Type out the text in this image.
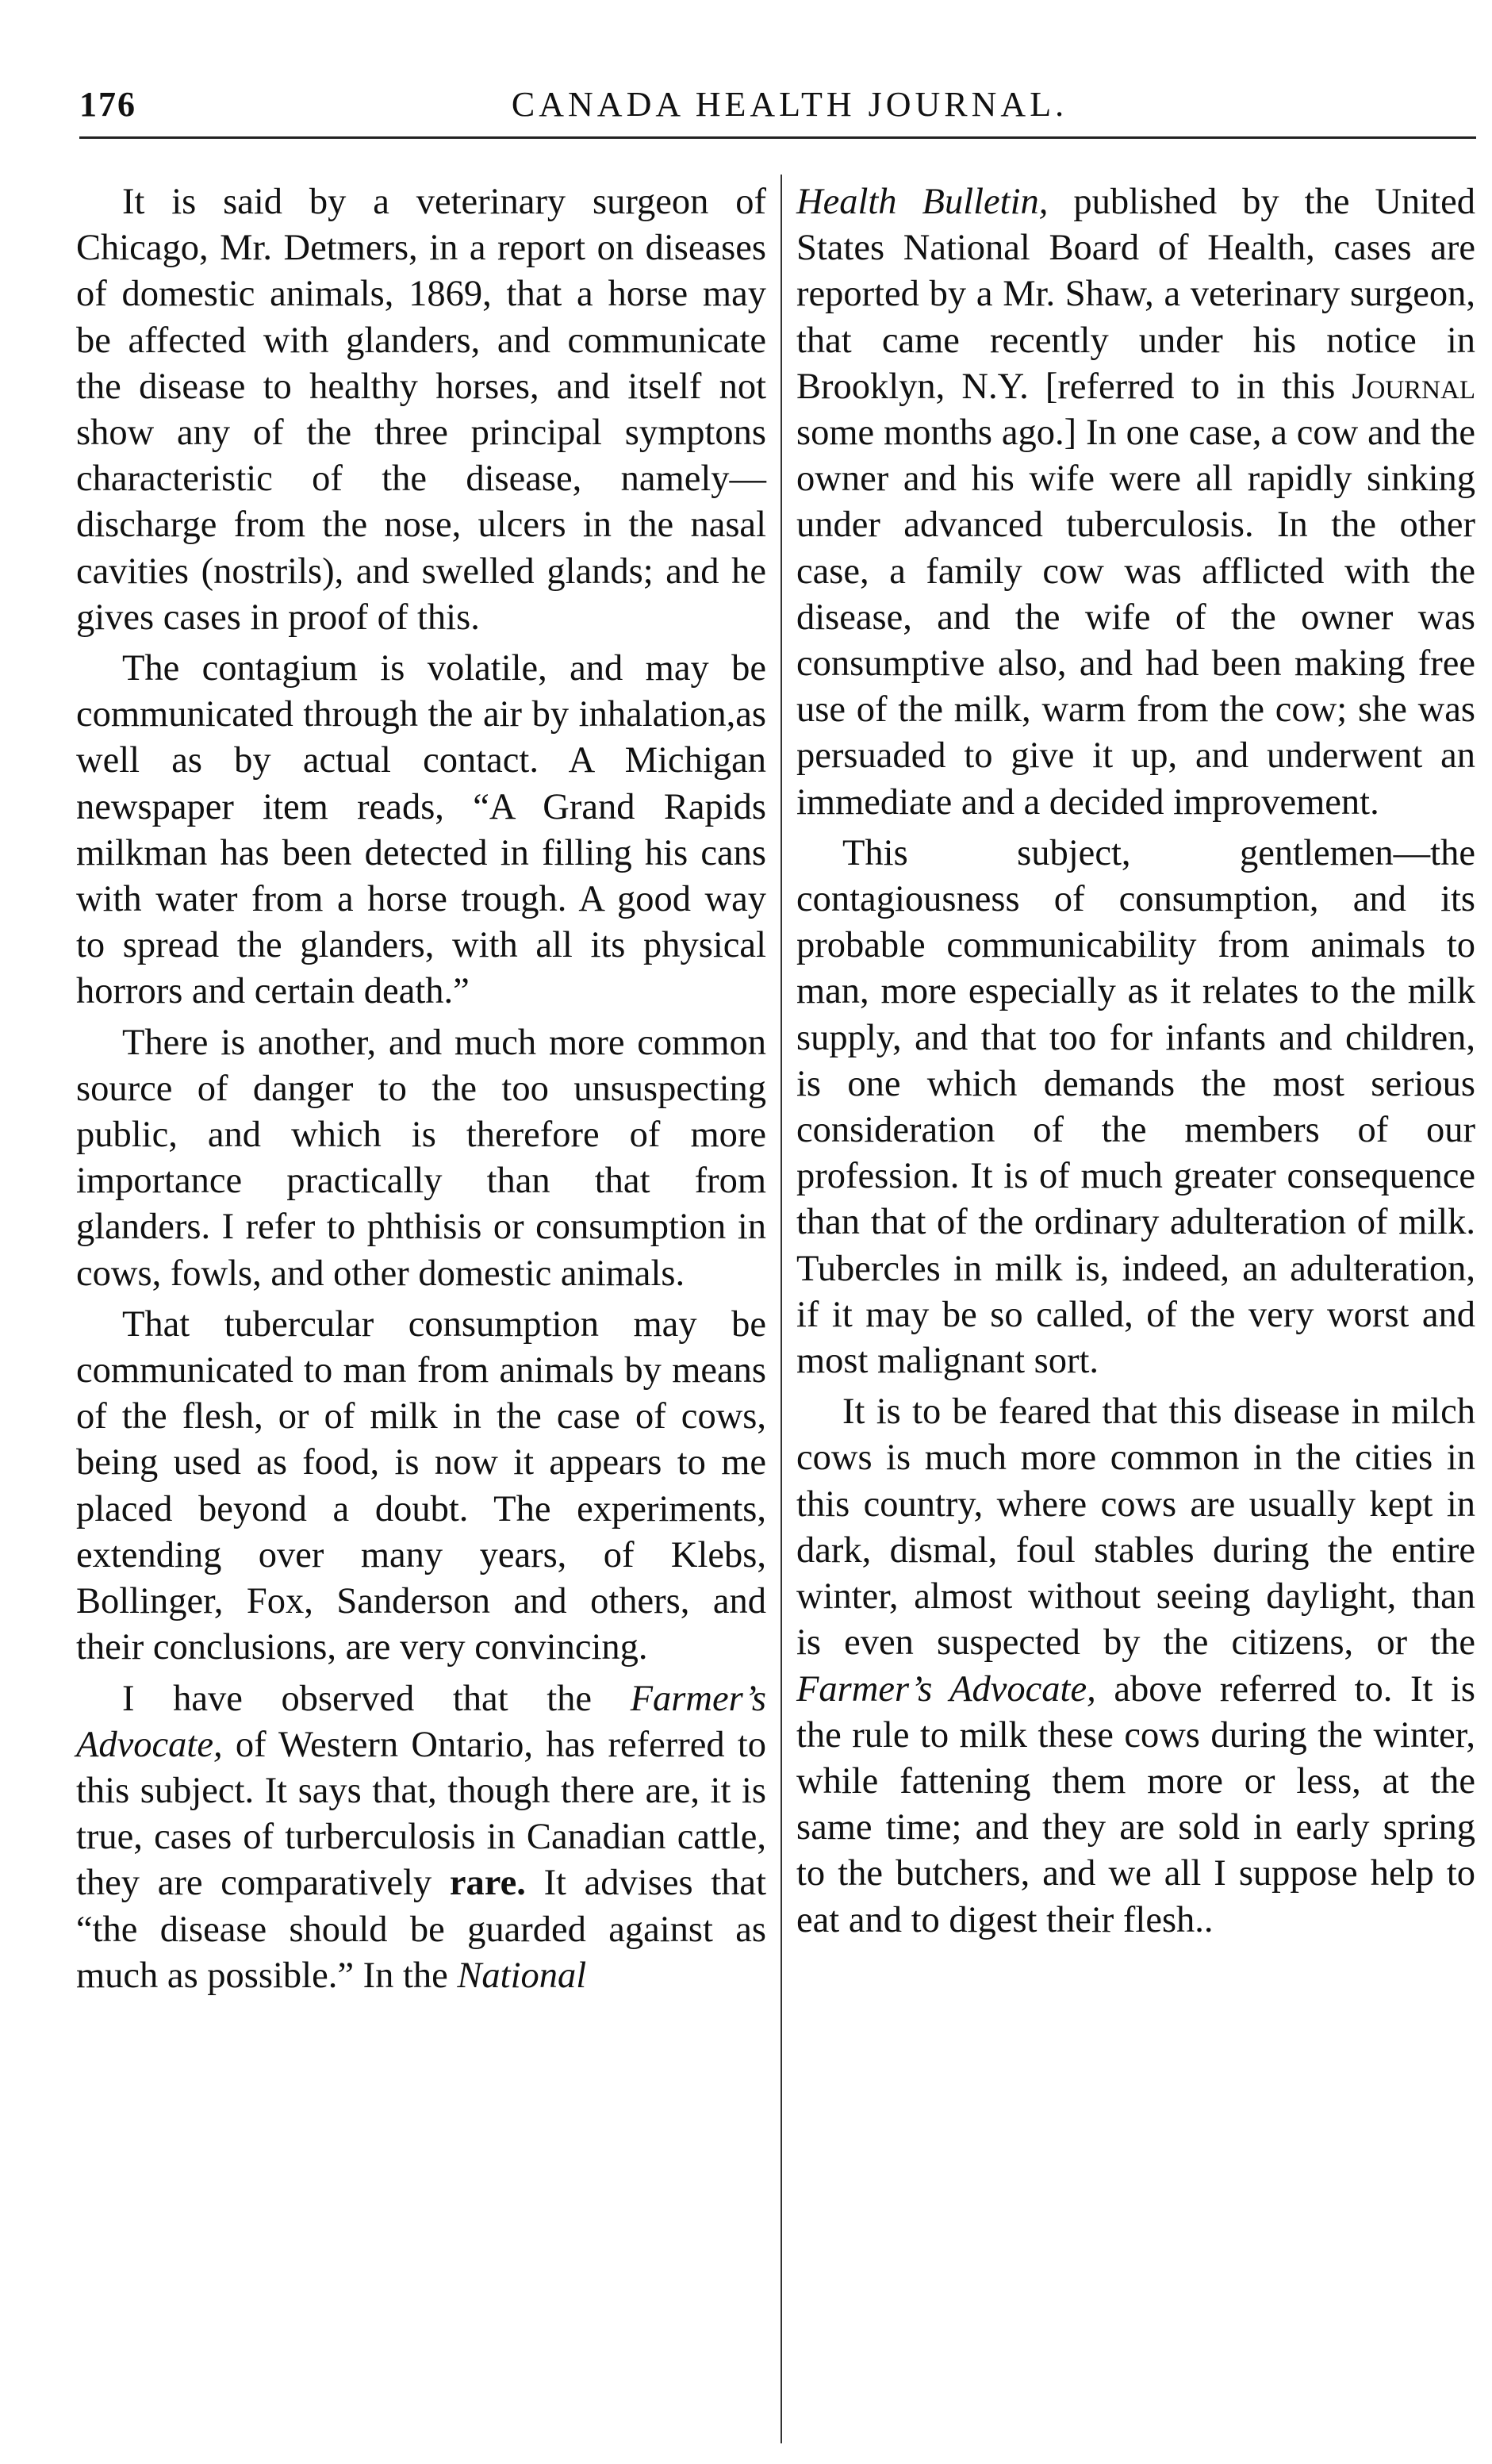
176	CANADA HEALTH JOURNAL.

It is said by a veterinary surgeon of Chicago, Mr. Detmers, in a report on diseases of domestic animals, 1869, that a horse may be affected with glanders, and communicate the disease to healthy horses, and itself not show any of the three principal symptons characteristic of the disease, namely—discharge from the nose, ulcers in the nasal cavities (nostrils), and swelled glands; and he gives cases in proof of this.

The contagium is volatile, and may be communicated through the air by inhalation,as well as by actual contact. A Michigan newspaper item reads, “A Grand Rapids milkman has been detected in filling his cans with water from a horse trough. A good way to spread the glanders, with all its physical horrors and certain death.”

There is another, and much more common source of danger to the too unsuspecting public, and which is therefore of more importance practically than that from glanders. I refer to phthisis or consumption in cows, fowls, and other domestic animals.

That tubercular consumption may be communicated to man from animals by means of the flesh, or of milk in the case of cows, being used as food, is now it appears to me placed beyond a doubt. The experiments, extending over many years, of Klebs, Bollinger, Fox, Sanderson and others, and their conclusions, are very convincing.

I have observed that the Farmer’s Advocate, of Western Ontario, has referred to this subject. It says that, though there are, it is true, cases of turberculosis in Canadian cattle, they are comparatively rare. It advises that “the disease should be guarded against as much as possible.” In the National

Health Bulletin, published by the United States National Board of Health, cases are reported by a Mr. Shaw, a veterinary surgeon, that came recently under his notice in Brooklyn, N.Y. [referred to in this Journal some months ago.] In one case, a cow and the owner and his wife were all rapidly sinking under advanced tuberculosis. In the other case, a family cow was afflicted with the disease, and the wife of the owner was consumptive also, and had been making free use of the milk, warm from the cow; she was persuaded to give it up, and underwent an immediate and a decided improvement.

This subject, gentlemen—the contagiousness of consumption, and its probable communicability from animals to man, more especially as it relates to the milk supply, and that too for infants and children, is one which demands the most serious consideration of the members of our profession. It is of much greater consequence than that of the ordinary adulteration of milk. Tubercles in milk is, indeed, an adulteration, if it may be so called, of the very worst and most malignant sort.

It is to be feared that this disease in milch cows is much more common in the cities in this country, where cows are usually kept in dark, dismal, foul stables during the entire winter, almost without seeing daylight, than is even suspected by the citizens, or the Farmer’s Advocate, above referred to. It is the rule to milk these cows during the winter, while fattening them more or less, at the same time; and they are sold in early spring to the butchers, and we all I suppose help to eat and to digest their flesh..
